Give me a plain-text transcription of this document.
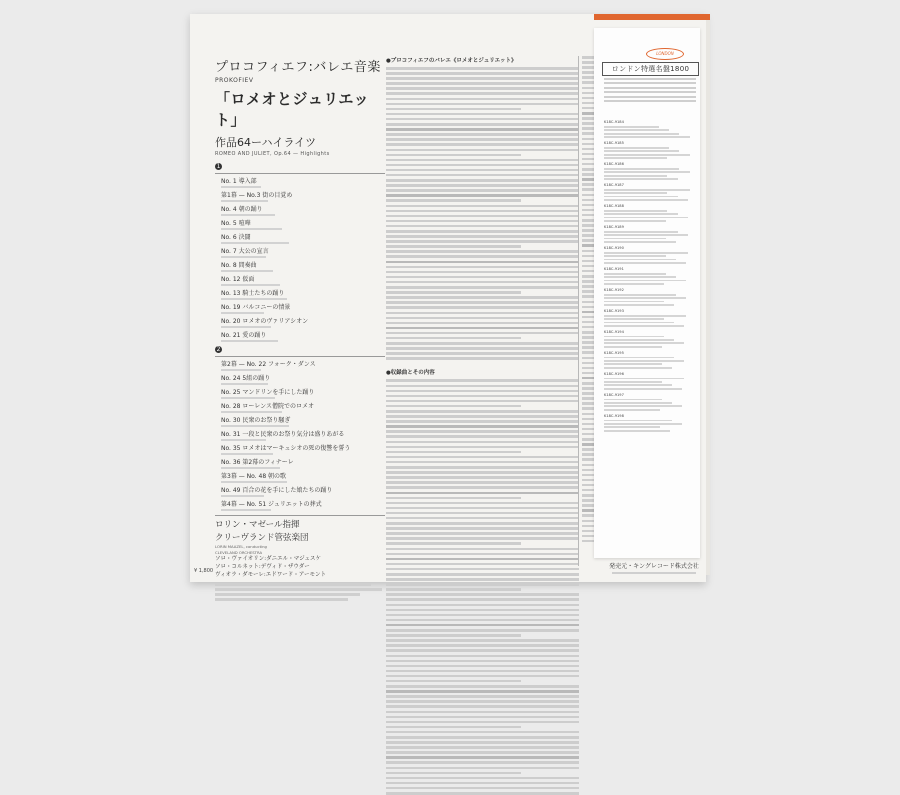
プロコフィエフ:バレエ音楽

PROKOFIEV

「ロメオとジュリエット」

作品64ーハイライツ

ROMEO AND JULIET, Op.64 — Highlights

1
No. 1 導入部
第1幕 — No.3 街の目覚め
No. 4 朝の踊り
No. 5 喧嘩
No. 6 決闘
No. 7 大公の宣言
No. 8 間奏曲
No. 12 仮面
No. 13 騎士たちの踊り
No. 19 バルコニーの情景
No. 20 ロメオのヴァリアシオン
No. 21 愛の踊り
2
第2幕 — No. 22 フォーク・ダンス
No. 24 5組の踊り
No. 25 マンドリンを手にした踊り
No. 28 ローレンス僧院でのロメオ
No. 30 民衆のお祭り騒ぎ
No. 31 一段と民衆のお祭り気分は盛りあがる
No. 35 ロメオはマーキュシオの死の復讐を誓う
No. 36 第2幕のフィナーレ
第3幕 — No. 48 朝の歌
No. 49 百合の花を手にした娘たちの踊り
第4幕 — No. 51 ジュリエットの葬式

ロリン・マゼール指揮

クリーヴランド管弦楽団

LORIN MAAZEL, conducting

CLEVELAND ORCHESTRA

ソロ・ヴァイオリン:ダニエル・マジェスケ

ソロ・コルネット:デヴィド・ザウダー

ヴィオラ・ダモーレ:エドワード・アーモント

¥ 1,800

●プロコフィエフのバレエ《ロメオとジュリエット》

●収録曲とその内容

LONDON
ロンドン特選名盤1800
K18C-9184
K18C-9185
K18C-9186
K18C-9187
K18C-9188
K18C-9189
K18C-9190
K18C-9191
K18C-9192
K18C-9193
K18C-9194
K18C-9195
K18C-9196
K18C-9197
K18C-9198
発売元・キングレコード株式会社
